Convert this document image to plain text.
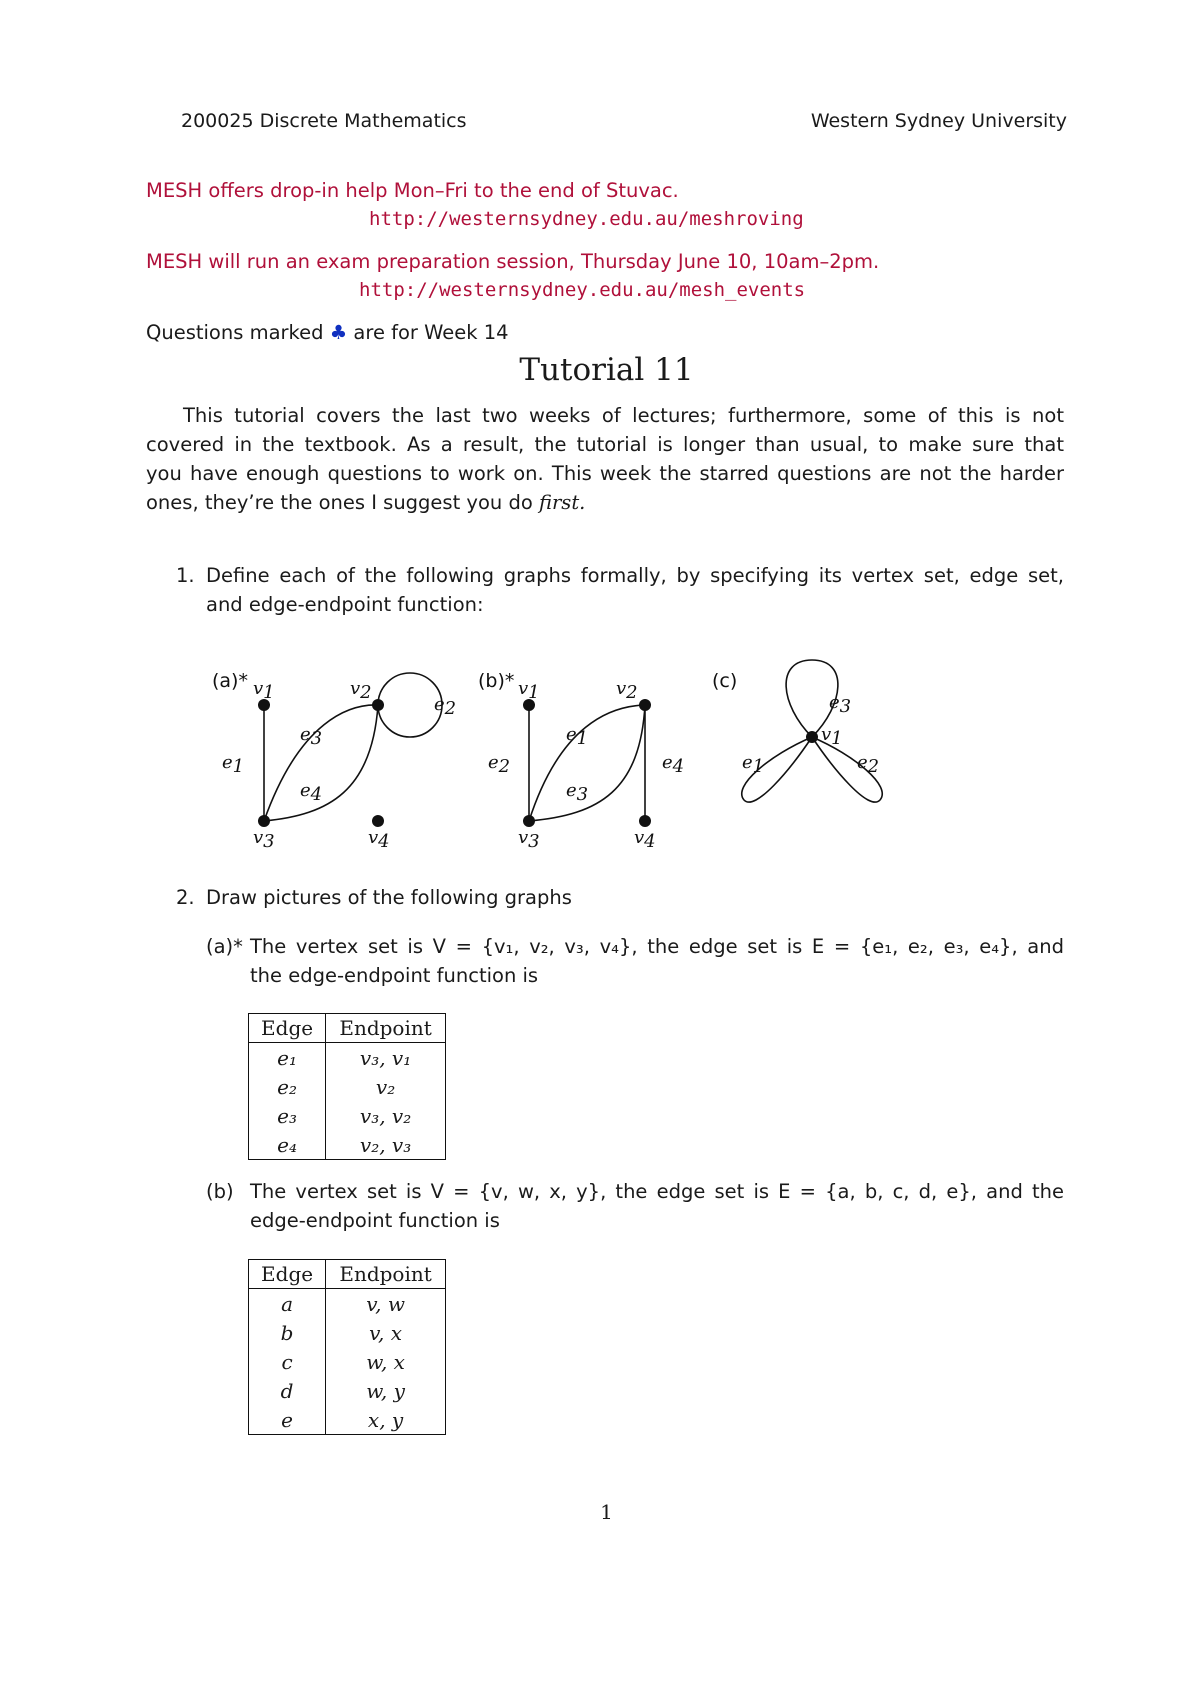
200025 Discrete Mathematics	Western Sydney University
MESH offers drop-in help Mon–Fri to the end of Stuvac.
http://westernsydney.edu.au/meshroving
MESH will run an exam preparation session, Thursday June 10, 10am–2pm.
http://westernsydney.edu.au/mesh_events
Questions marked ♣ are for Week 14
Tutorial 11
This tutorial covers the last two weeks of lectures; furthermore, some of this is not
covered in the textbook. As a result, the tutorial is longer than usual, to make sure that
you have enough questions to work on. This week the starred questions are not the harder
ones, they’re the ones I suggest you do first.
1. Define each of the following graphs formally, by specifying its vertex set, edge set,
and edge-endpoint function:
(a)* v1	v2
v3	v4
e1
e2
e3
e4
(b)* v1	v2
v3	v4
e1
e2
e3
e4
(c)
v1
e1	e2
e3
2. Draw pictures of the following graphs
(a)* The vertex set is V = {v₁, v₂, v₃, v₄}, the edge set is E = {e₁, e₂, e₃, e₄}, and
the edge-endpoint function is
Edge	Endpoint
e₁	v₃, v₁
e₂	v₂
e₃	v₃, v₂
e₄	v₂, v₃
(b) The vertex set is V = {v, w, x, y}, the edge set is E = {a, b, c, d, e}, and the
edge-endpoint function is
Edge	Endpoint
a	v, w
b	v, x
c	w, x
d	w, y
e	x, y
1
